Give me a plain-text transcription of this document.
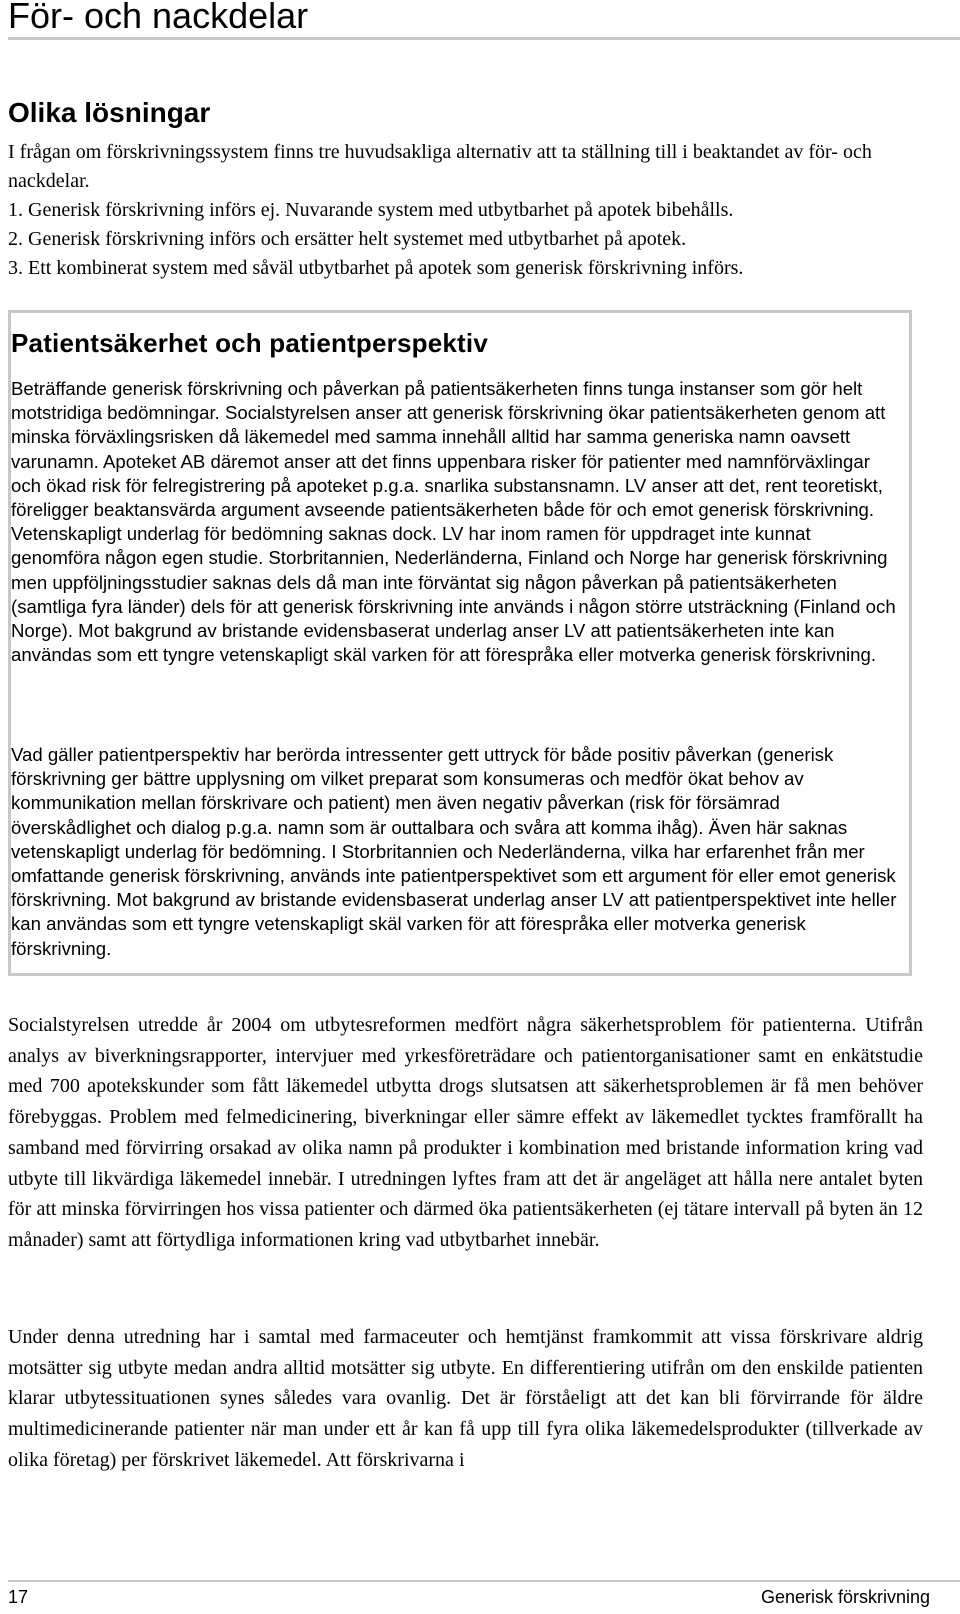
För- och nackdelar
Olika lösningar

I frågan om förskrivningssystem finns tre huvudsakliga alternativ att ta ställning till i beaktandet av för- och nackdelar.

1. Generisk förskrivning införs ej. Nuvarande system med utbytbarhet på apotek bibehålls.
2. Generisk förskrivning införs och ersätter helt systemet med utbytbarhet på apotek.
3. Ett kombinerat system med såväl utbytbarhet på apotek som generisk förskrivning införs.
Patientsäkerhet och patientperspektiv

Beträffande generisk förskrivning och påverkan på patientsäkerheten finns tunga instanser som gör helt motstridiga bedömningar. Socialstyrelsen anser att generisk förskrivning ökar patientsäkerheten genom att minska förväxlingsrisken då läkemedel med samma innehåll alltid har samma generiska namn oavsett varunamn. Apoteket AB däremot anser att det finns uppenbara risker för patienter med namnförväxlingar och ökad risk för felregistrering på apoteket p.g.a. snarlika substansnamn. LV anser att det, rent teoretiskt, föreligger beaktansvärda argument avseende patientsäkerheten både för och emot generisk förskrivning. Vetenskapligt underlag för bedömning saknas dock. LV har inom ramen för uppdraget inte kunnat genomföra någon egen studie. Storbritannien, Nederländerna, Finland och Norge har generisk förskrivning men uppföljningsstudier saknas dels då man inte förväntat sig någon påverkan på patientsäkerheten (samtliga fyra länder) dels för att generisk förskrivning inte används i någon större utsträckning (Finland och Norge). Mot bakgrund av bristande evidensbaserat underlag anser LV att patientsäkerheten inte kan användas som ett tyngre vetenskapligt skäl varken för att förespråka eller motverka generisk förskrivning.

Vad gäller patientperspektiv har berörda intressenter gett uttryck för både positiv påverkan (generisk förskrivning ger bättre upplysning om vilket preparat som konsumeras och medför ökat behov av kommunikation mellan förskrivare och patient) men även negativ påverkan (risk för försämrad överskådlighet och dialog p.g.a. namn som är outtalbara och svåra att komma ihåg). Även här saknas vetenskapligt underlag för bedömning. I Storbritannien och Nederländerna, vilka har erfarenhet från mer omfattande generisk förskrivning, används inte patientperspektivet som ett argument för eller emot generisk förskrivning. Mot bakgrund av bristande evidensbaserat underlag anser LV att patientperspektivet inte heller kan användas som ett tyngre vetenskapligt skäl varken för att förespråka eller motverka generisk förskrivning.

Socialstyrelsen utredde år 2004 om utbytesreformen medfört några säkerhetsproblem för patienterna. Utifrån analys av biverkningsrapporter, intervjuer med yrkesföreträdare och patientorganisationer samt en enkätstudie med 700 apotekskunder som fått läkemedel utbytta drogs slutsatsen att säkerhetsproblemen är få men behöver förebyggas. Problem med felmedicinering, biverkningar eller sämre effekt av läkemedlet tycktes framförallt ha samband med förvirring orsakad av olika namn på produkter i kombination med bristande information kring vad utbyte till likvärdiga läkemedel innebär. I utredningen lyftes fram att det är angeläget att hålla nere antalet byten för att minska förvirringen hos vissa patienter och därmed öka patientsäkerheten (ej tätare intervall på byten än 12 månader) samt att förtydliga informationen kring vad utbytbarhet innebär.

Under denna utredning har i samtal med farmaceuter och hemtjänst framkommit att vissa förskrivare aldrig motsätter sig utbyte medan andra alltid motsätter sig utbyte. En differentiering utifrån om den enskilde patienten klarar utbytessituationen synes således vara ovanlig. Det är förståeligt att det kan bli förvirrande för äldre multimedicinerande patienter när man under ett år kan få upp till fyra olika läkemedelsprodukter (tillverkade av olika företag) per förskrivet läkemedel. Att förskrivarna i

17	Generisk förskrivning
